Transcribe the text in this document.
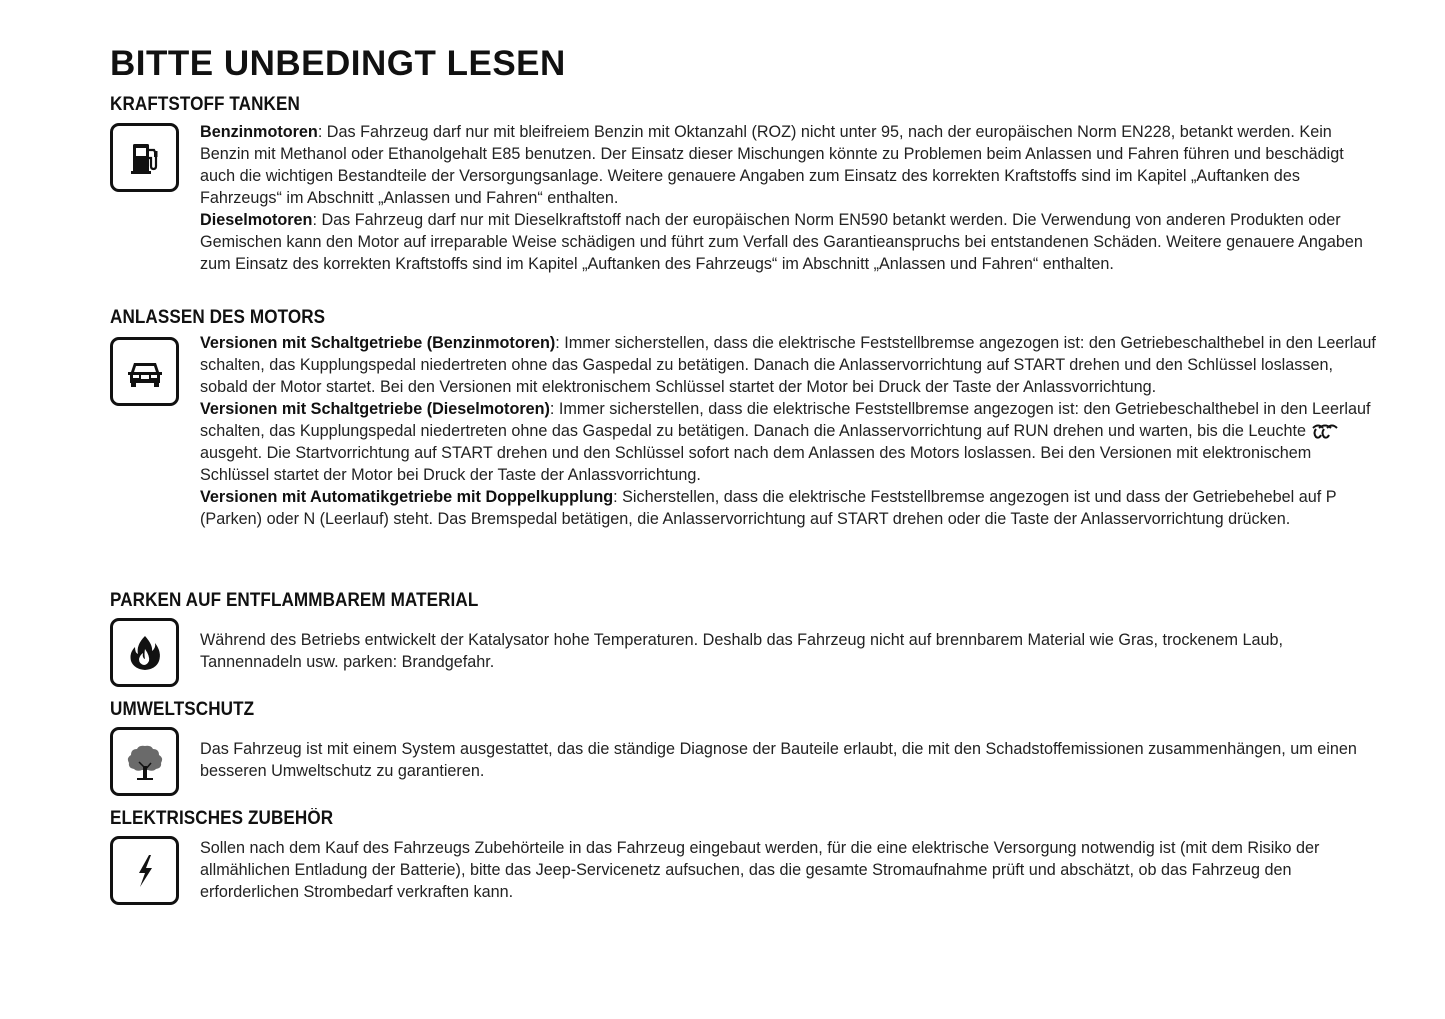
BITTE UNBEDINGT LESEN
KRAFTSTOFF TANKEN

Benzinmotoren: Das Fahrzeug darf nur mit bleifreiem Benzin mit Oktanzahl (ROZ) nicht unter 95, nach der europäischen Norm EN228, betankt werden. Kein Benzin mit Methanol oder Ethanolgehalt E85 benutzen. Der Einsatz dieser Mischungen könnte zu Problemen beim Anlassen und Fahren führen und beschädigt auch die wichtigen Bestandteile der Versorgungsanlage. Weitere genauere Angaben zum Einsatz des korrekten Kraftstoffs sind im Kapitel „Auftanken des Fahrzeugs“ im Abschnitt „Anlassen und Fahren“ enthalten.

Dieselmotoren: Das Fahrzeug darf nur mit Dieselkraftstoff nach der europäischen Norm EN590 betankt werden. Die Verwendung von anderen Produkten oder Gemischen kann den Motor auf irreparable Weise schädigen und führt zum Verfall des Garantieanspruchs bei entstandenen Schäden. Weitere genauere Angaben zum Einsatz des korrekten Kraftstoffs sind im Kapitel „Auftanken des Fahrzeugs“ im Abschnitt „Anlassen und Fahren“ enthalten.

ANLASSEN DES MOTORS

Versionen mit Schaltgetriebe (Benzinmotoren): Immer sicherstellen, dass die elektrische Feststellbremse angezogen ist: den Getriebeschalthebel in den Leerlauf schalten, das Kupplungspedal niedertreten ohne das Gaspedal zu betätigen. Danach die Anlasservorrichtung auf START drehen und den Schlüssel loslassen, sobald der Motor startet. Bei den Versionen mit elektronischem Schlüssel startet der Motor bei Druck der Taste der Anlassvorrichtung.

Versionen mit Schaltgetriebe (Dieselmotoren): Immer sicherstellen, dass die elektrische Feststellbremse angezogen ist: den Getriebeschalthebel in den Leerlauf schalten, das Kupplungspedal niedertreten ohne das Gaspedal zu betätigen. Danach die Anlasservorrichtung auf RUN drehen und warten, bis die Leuchte  ausgeht. Die Startvorrichtung auf START drehen und den Schlüssel sofort nach dem Anlassen des Motors loslassen. Bei den Versionen mit elektronischem Schlüssel startet der Motor bei Druck der Taste der Anlassvorrichtung.

Versionen mit Automatikgetriebe mit Doppelkupplung: Sicherstellen, dass die elektrische Feststellbremse angezogen ist und dass der Getriebehebel auf P (Parken) oder N (Leerlauf) steht. Das Bremspedal betätigen, die Anlasservorrichtung auf START drehen oder die Taste der Anlasservorrichtung drücken.

PARKEN AUF ENTFLAMMBAREM MATERIAL

Während des Betriebs entwickelt der Katalysator hohe Temperaturen. Deshalb das Fahrzeug nicht auf brennbarem Material wie Gras, trockenem Laub, Tannennadeln usw. parken: Brandgefahr.

UMWELTSCHUTZ

Das Fahrzeug ist mit einem System ausgestattet, das die ständige Diagnose der Bauteile erlaubt, die mit den Schadstoffemissionen zusammenhängen, um einen besseren Umweltschutz zu garantieren.

ELEKTRISCHES ZUBEHÖR

Sollen nach dem Kauf des Fahrzeugs Zubehörteile in das Fahrzeug eingebaut werden, für die eine elektrische Versorgung notwendig ist (mit dem Risiko der allmählichen Entladung der Batterie), bitte das Jeep-Servicenetz aufsuchen, das die gesamte Stromaufnahme prüft und abschätzt, ob das Fahrzeug den erforderlichen Strombedarf verkraften kann.
